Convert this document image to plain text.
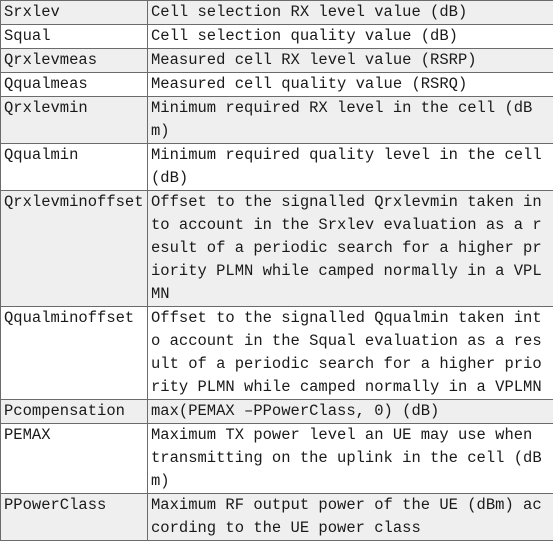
Srxlev	Cell selection RX level value (dB)
Squal	Cell selection quality value (dB)
Qrxlevmeas	Measured cell RX level value (RSRP)
Qqualmeas	Measured cell quality value (RSRQ)
Qrxlevmin	Minimum required RX level in the cell (dBm)
Qqualmin	Minimum required quality level in the cell (dB)
Qrxlevminoffset	Offset to the signalled Qrxlevmin taken into account in the Srxlev evaluation as a result of a periodic search for a higher priority PLMN while camped normally in a VPLMN
Qqualminoffset	Offset to the signalled Qqualmin taken into account in the Squal evaluation as a result of a periodic search for a higher priority PLMN while camped normally in a VPLMN
Pcompensation	max(PEMAX –PPowerClass, 0) (dB)
PEMAX	Maximum TX power level an UE may use when transmitting on the uplink in the cell (dBm)
PPowerClass	Maximum RF output power of the UE (dBm) according to the UE power class
